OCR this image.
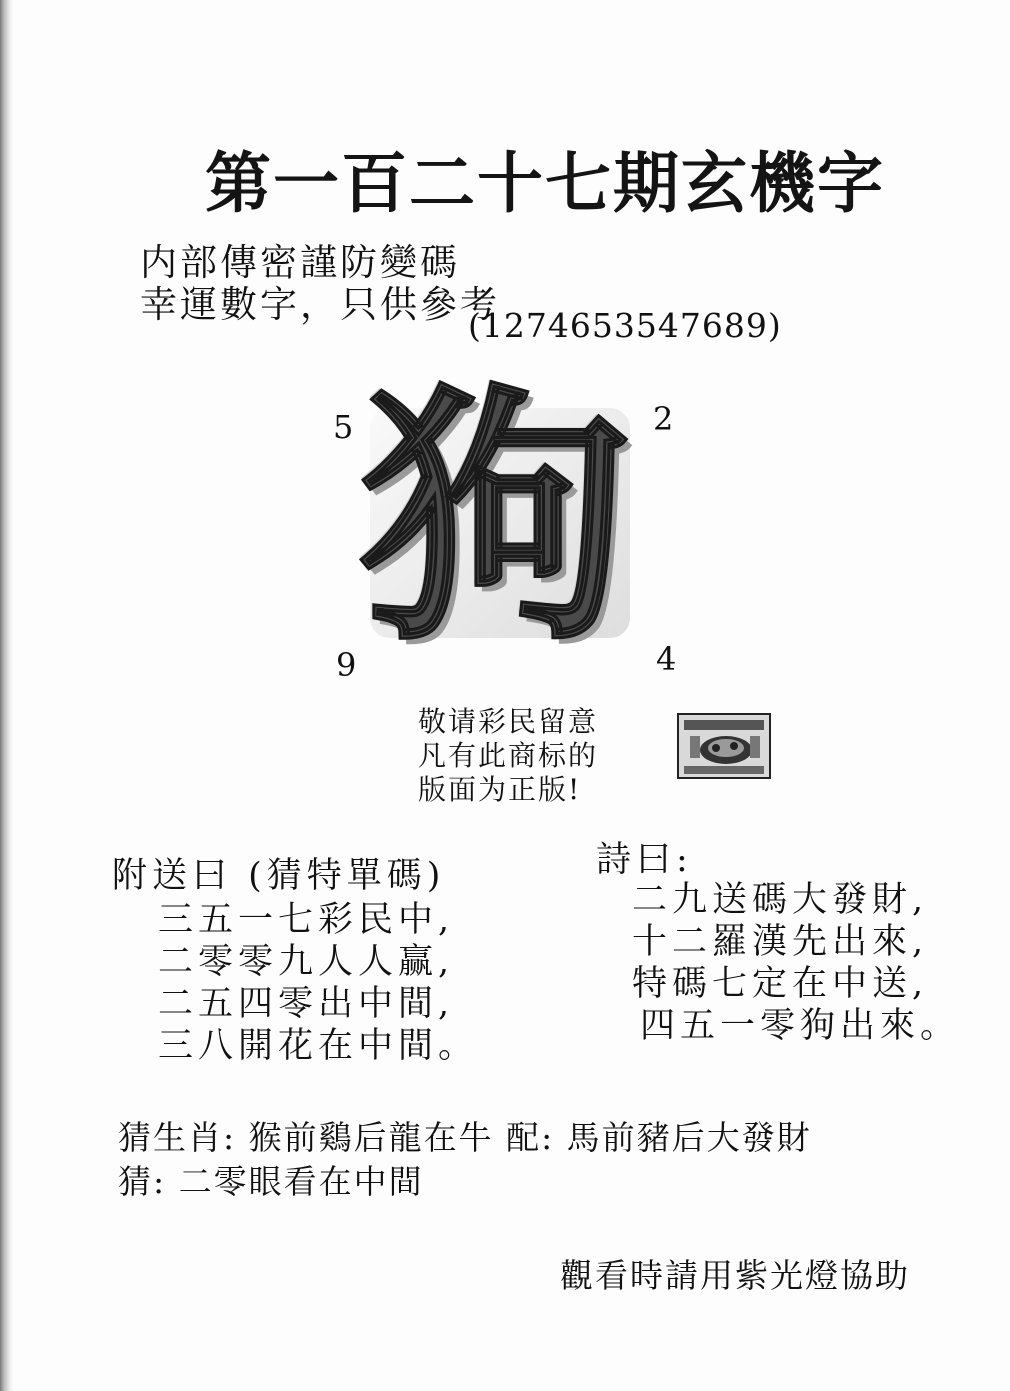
第一百二十七期玄機字
内部傳密謹防變碼
幸運數字，只供參考
(1274653547689)
5	2
9	4
狗
敬请彩民留意
凡有此商标的
版面为正版!
附送曰 (猜特單碼)
三五一七彩民中,
二零零九人人赢,
二五四零出中間,
三八開花在中間。
詩曰:
二九送碼大發財,
十二羅漢先出來,
特碼七定在中送,
四五一零狗出來。
猜生肖: 猴前鷄后龍在牛 配: 馬前豬后大發財
猜: 二零眼看在中間
觀看時請用紫光燈協助
